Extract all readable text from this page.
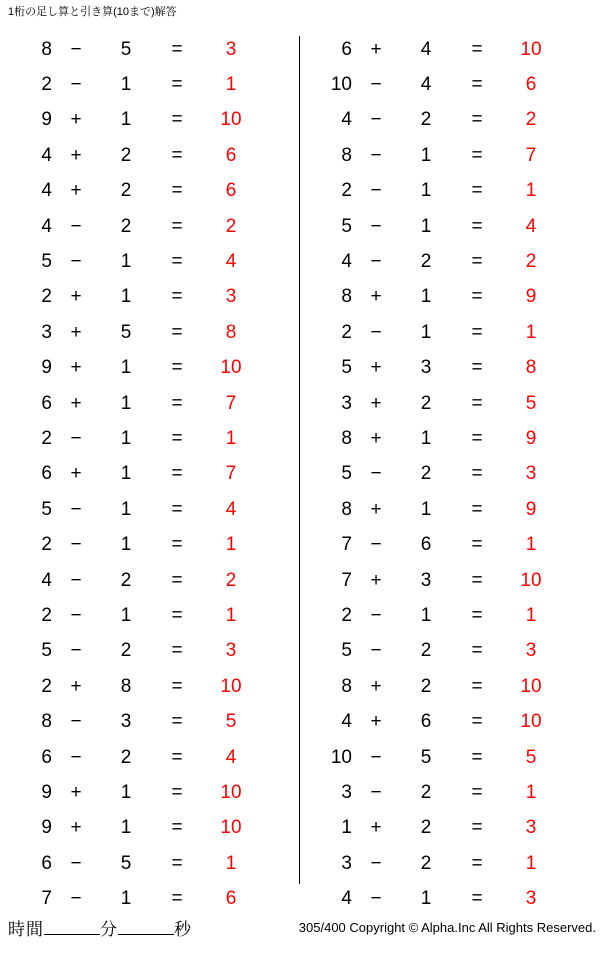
1桁の足し算と引き算(10まで)解答
8 −	5	=	3
2 −	1	=	1
9 +	1	=	10
4 +	2	=	6
4 +	2	=	6
4 −	2	=	2
5 −	1	=	4
2 +	1	=	3
3 +	5	=	8
9 +	1	=	10
6 +	1	=	7
2 −	1	=	1
6 +	1	=	7
5 −	1	=	4
2 −	1	=	1
4 −	2	=	2
2 −	1	=	1
5 −	2	=	3
2 +	8	=	10
8 −	3	=	5
6 −	2	=	4
9 +	1	=	10
9 +	1	=	10
6 −	5	=	1
7 −	1	=	6
6 +	4	=	10
10 −	4	=	6
4 −	2	=	2
8 −	1	=	7
2 −	1	=	1
5 −	1	=	4
4 −	2	=	2
8 +	1	=	9
2 −	1	=	1
5 +	3	=	8
3 +	2	=	5
8 +	1	=	9
5 −	2	=	3
8 +	1	=	9
7 −	6	=	1
7 +	3	=	10
2 −	1	=	1
5 −	2	=	3
8 +	2	=	10
4 +	6	=	10
10 −	5	=	5
3 −	2	=	1
1 +	2	=	3
3 −	2	=	1
4 −	1	=	3
時間	分	秒	305/400 Copyright © Alpha.Inc All Rights Reserved.
